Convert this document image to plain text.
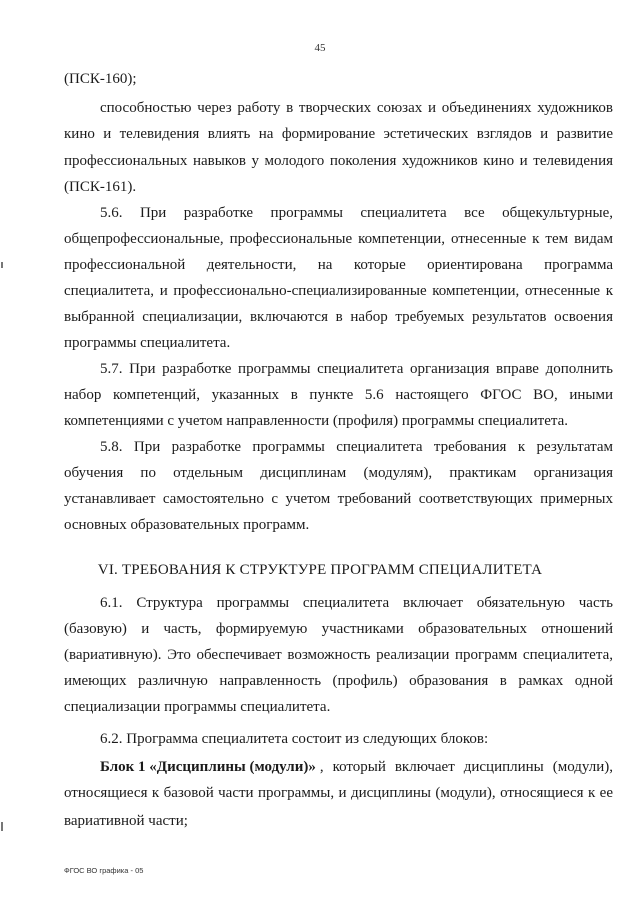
45
(ПСК-160);
способностью через работу в творческих союзах и объединениях художников
кино и телевидения влиять на формирование эстетических взглядов и развитие
профессиональных навыков у молодого поколения художников кино и телевидения
(ПСК-161).
5.6. При разработке программы специалитета все общекультурные,
общепрофессиональные, профессиональные компетенции, отнесенные к тем видам
профессиональной деятельности, на которые ориентирована программа
специалитета, и профессионально-специализированные компетенции, отнесенные к
выбранной специализации, включаются в набор требуемых результатов освоения
программы специалитета.
5.7. При разработке программы специалитета организация вправе дополнить
набор компетенций, указанных в пункте 5.6 настоящего ФГОС ВО, иными
компетенциями с учетом направленности (профиля) программы специалитета.
5.8. При разработке программы специалитета требования к результатам
обучения по отдельным дисциплинам (модулям), практикам организация
устанавливает самостоятельно с учетом требований соответствующих примерных
основных образовательных программ.
VI. ТРЕБОВАНИЯ К СТРУКТУРЕ ПРОГРАММ СПЕЦИАЛИТЕТА
6.1. Структура программы специалитета включает обязательную часть
(базовую) и часть, формируемую участниками образовательных отношений
(вариативную). Это обеспечивает возможность реализации программ специалитета,
имеющих различную направленность (профиль) образования в рамках одной
специализации программы специалитета.
6.2. Программа специалитета состоит из следующих блоков:
Блок 1 «Дисциплины (модули)» , который включает дисциплины (модули),
относящиеся к базовой части программы, и дисциплины (модули), относящиеся к ее
вариативной части;
ФГОС ВО графика - 05
